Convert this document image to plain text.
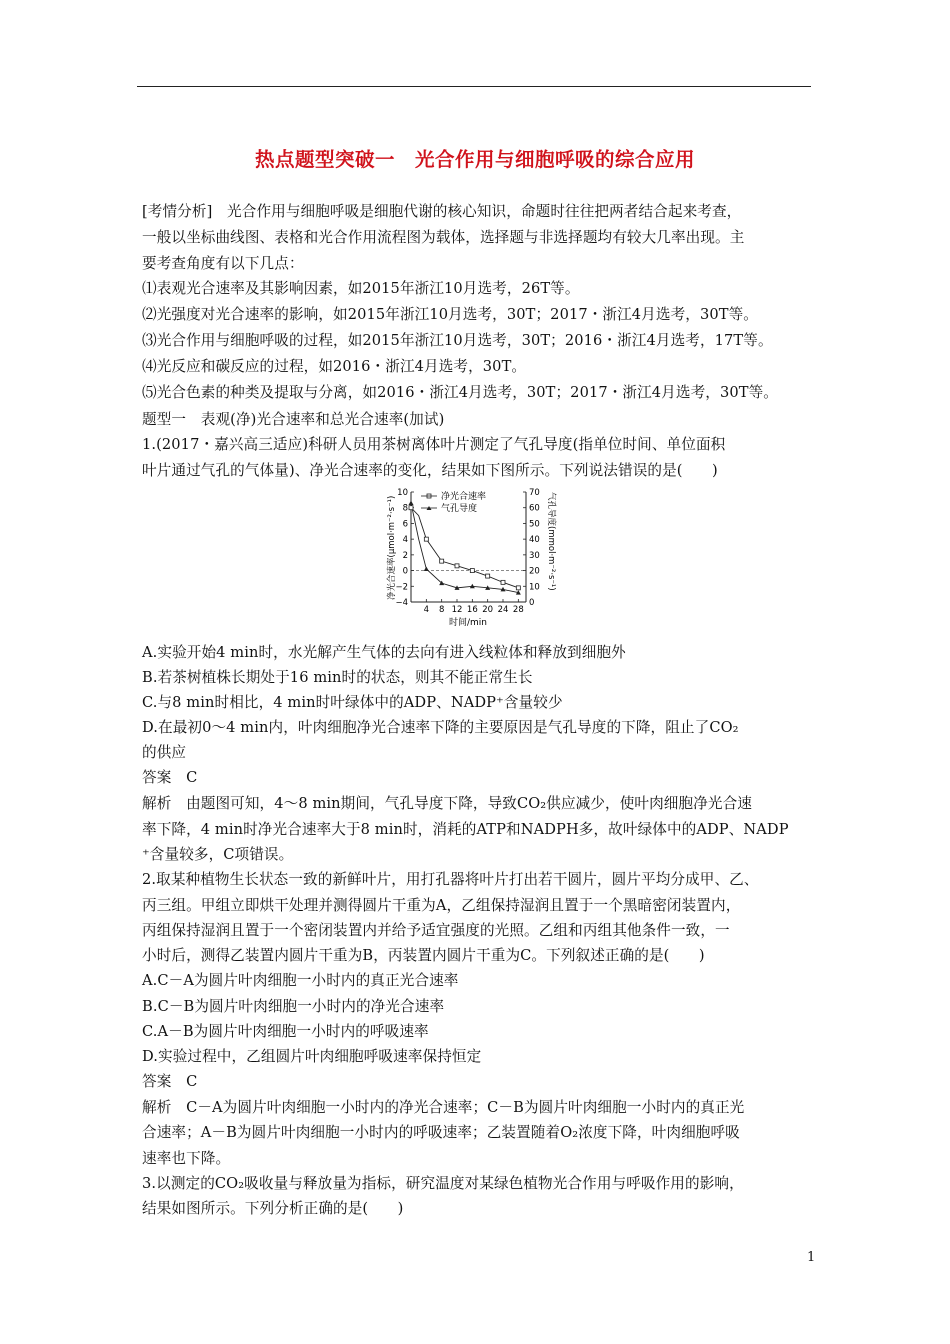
热点题型突破一　光合作用与细胞呼吸的综合应用
[考情分析]　光合作用与细胞呼吸是细胞代谢的核心知识，命题时往往把两者结合起来考查，
一般以坐标曲线图、表格和光合作用流程图为载体，选择题与非选择题均有较大几率出现。主
要考查角度有以下几点：
⑴表观光合速率及其影响因素，如2015年浙江10月选考，26T等。
⑵光强度对光合速率的影响，如2015年浙江10月选考，30T；2017・浙江4月选考，30T等。
⑶光合作用与细胞呼吸的过程，如2015年浙江10月选考，30T；2016・浙江4月选考，17T等。
⑷光反应和碳反应的过程，如2016・浙江4月选考，30T。
⑸光合色素的种类及提取与分离，如2016・浙江4月选考，30T；2017・浙江4月选考，30T等。
题型一　表观(净)光合速率和总光合速率(加试)
1.(2017・嘉兴高三适应)科研人员用茶树离体叶片测定了气孔导度(指单位时间、单位面积
叶片通过气孔的气体量)、净光合速率的变化，结果如下图所示。下列说法错误的是(　　)
10
8
6
4
2
0
−2
−4
70
60
50
40
30
20
10
0
4 8 12 16 20 24 28
净光合速率
气孔导度
净光合速率(μmol·m⁻²·s⁻¹)	气孔导度(mmol·m⁻²·s⁻¹)
时间/min
A.实验开始4 min时，水光解产生气体的去向有进入线粒体和释放到细胞外
B.若茶树植株长期处于16 min时的状态，则其不能正常生长
C.与8 min时相比，4 min时叶绿体中的ADP、NADP⁺含量较少
D.在最初0～4 min内，叶肉细胞净光合速率下降的主要原因是气孔导度的下降，阻止了CO₂
的供应
答案　C
解析　由题图可知，4～8 min期间，气孔导度下降，导致CO₂供应减少，使叶肉细胞净光合速
率下降，4 min时净光合速率大于8 min时，消耗的ATP和NADPH多，故叶绿体中的ADP、NADP
⁺含量较多，C项错误。
2.取某种植物生长状态一致的新鲜叶片，用打孔器将叶片打出若干圆片，圆片平均分成甲、乙、
丙三组。甲组立即烘干处理并测得圆片干重为A，乙组保持湿润且置于一个黑暗密闭装置内，
丙组保持湿润且置于一个密闭装置内并给予适宜强度的光照。乙组和丙组其他条件一致，一
小时后，测得乙装置内圆片干重为B，丙装置内圆片干重为C。下列叙述正确的是(　　)
A.C－A为圆片叶肉细胞一小时内的真正光合速率
B.C－B为圆片叶肉细胞一小时内的净光合速率
C.A－B为圆片叶肉细胞一小时内的呼吸速率
D.实验过程中，乙组圆片叶肉细胞呼吸速率保持恒定
答案　C
解析　C－A为圆片叶肉细胞一小时内的净光合速率；C－B为圆片叶肉细胞一小时内的真正光
合速率；A－B为圆片叶肉细胞一小时内的呼吸速率；乙装置随着O₂浓度下降，叶肉细胞呼吸
速率也下降。
3.以测定的CO₂吸收量与释放量为指标，研究温度对某绿色植物光合作用与呼吸作用的影响，
结果如图所示。下列分析正确的是(　　)
1
